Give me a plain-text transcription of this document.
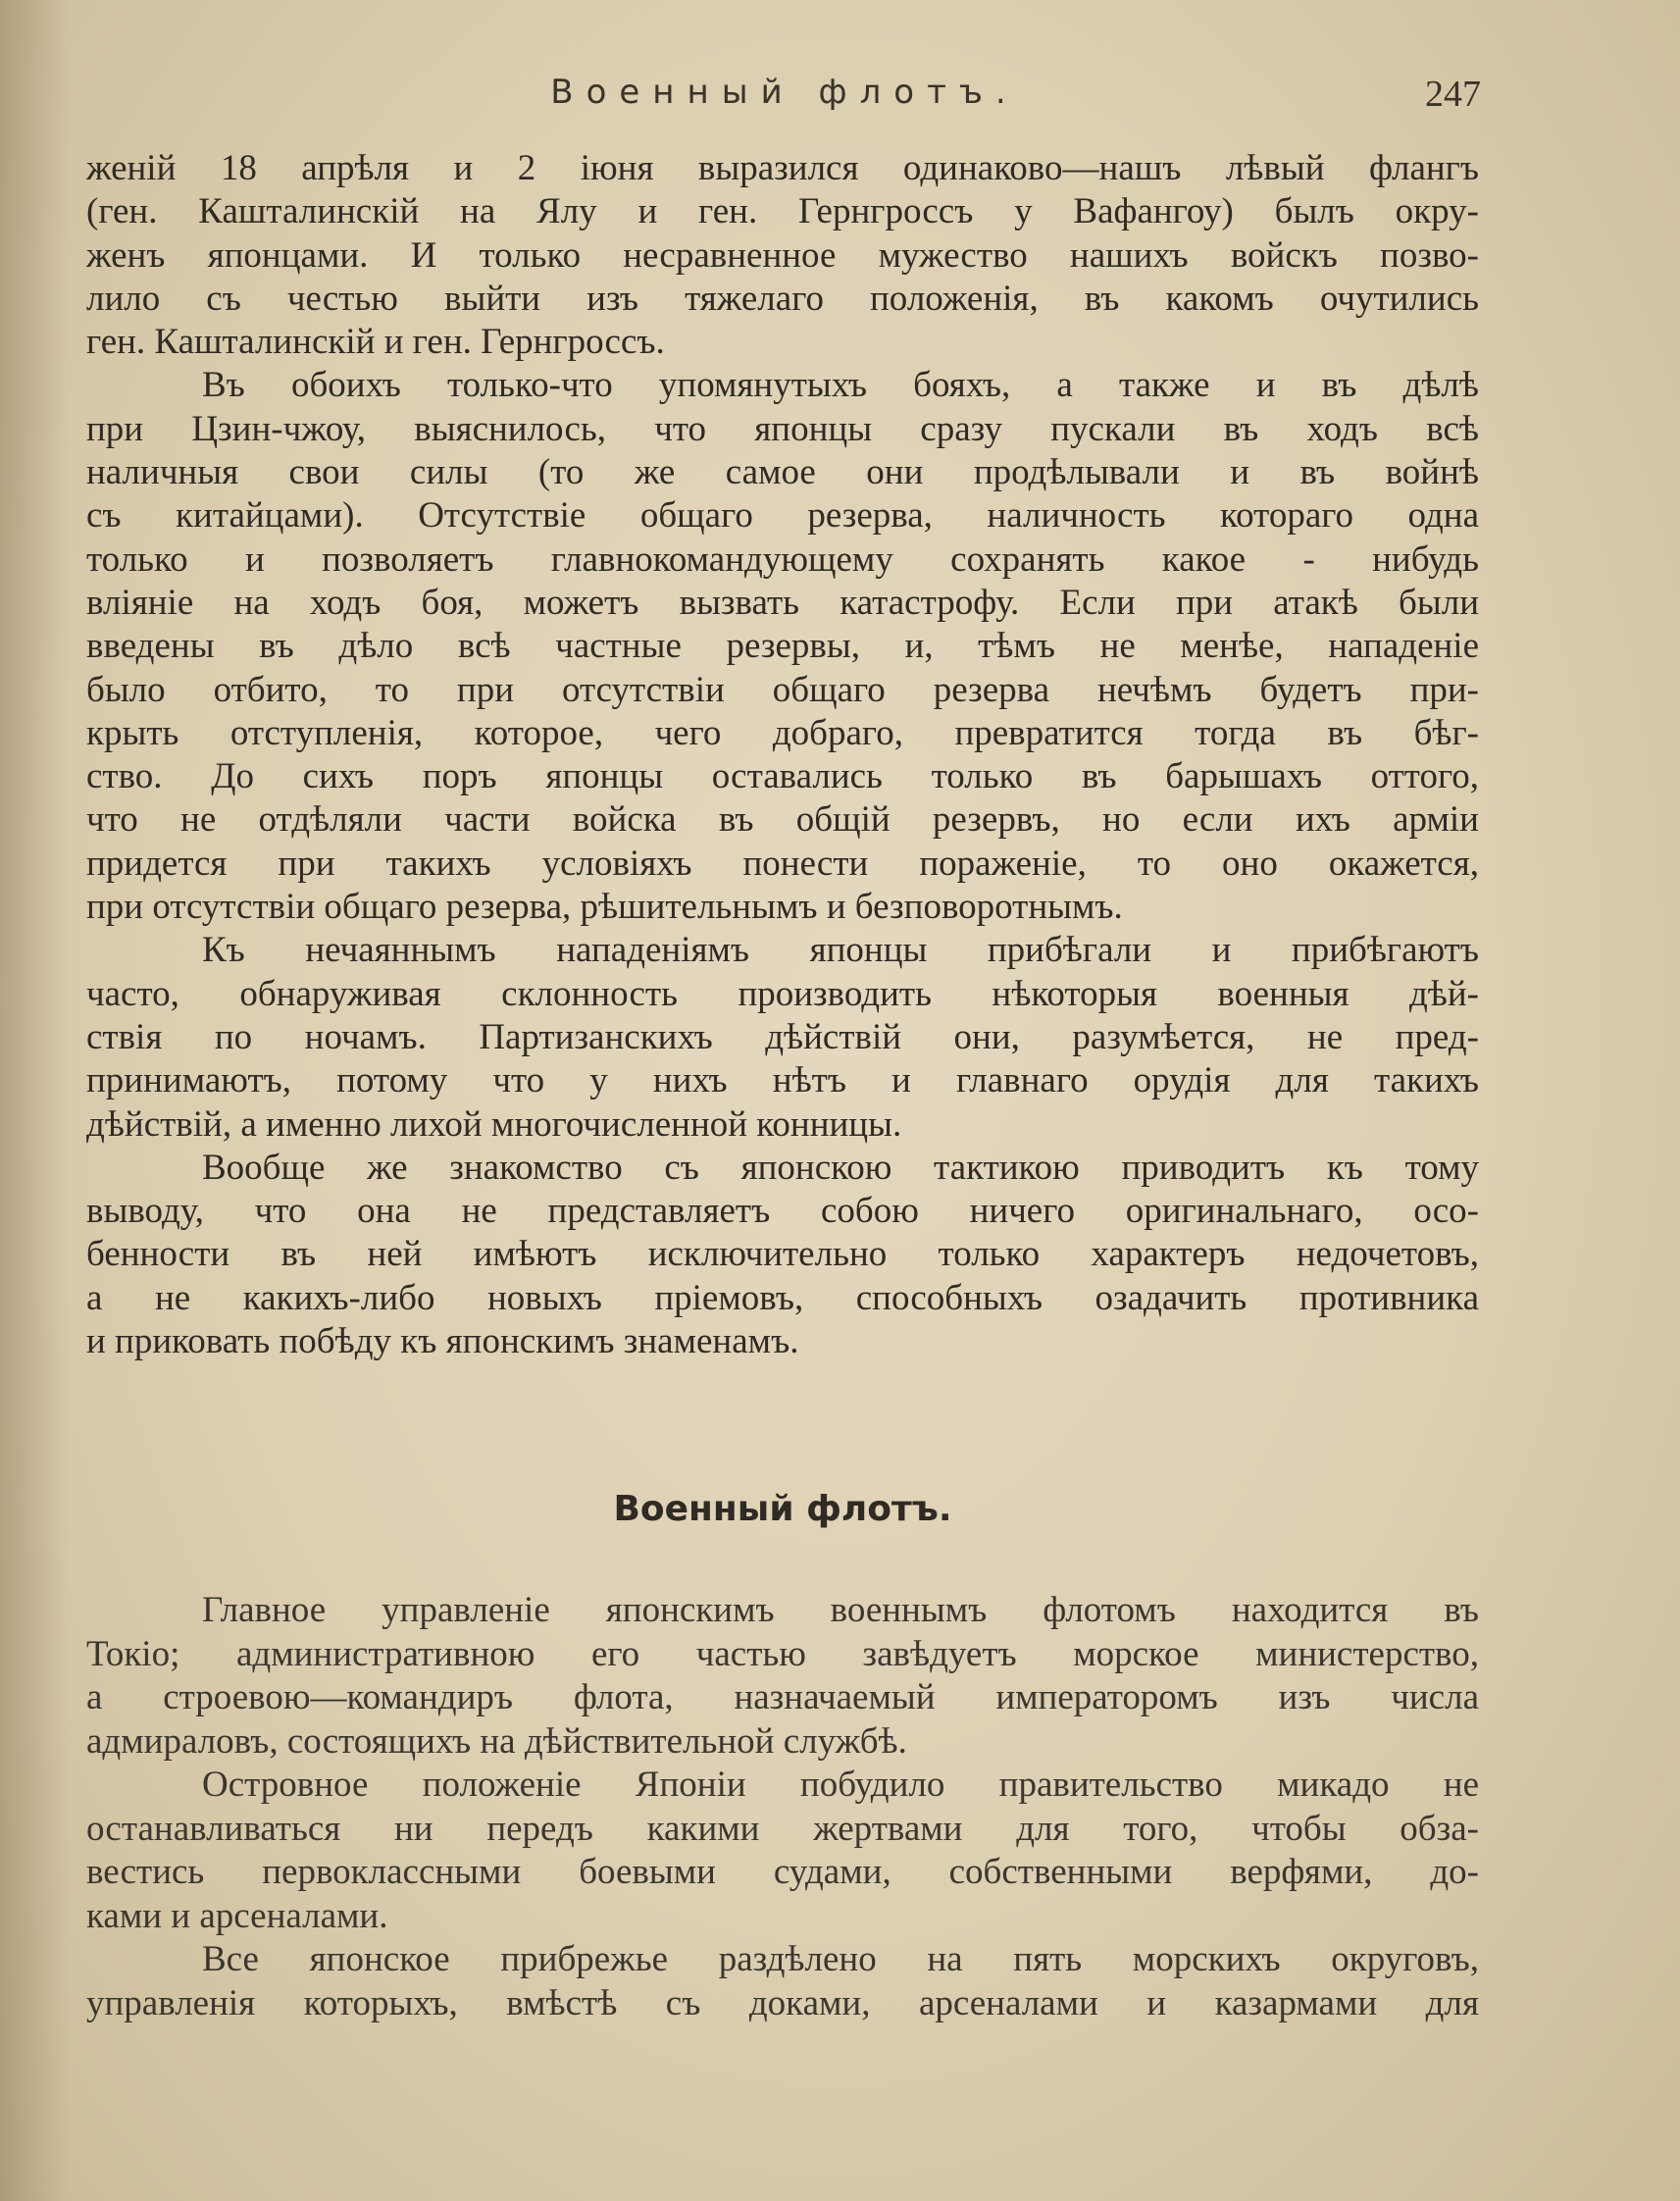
Военный флотъ.	247
женій 18 апрѣля и 2 іюня выразился одинаково—нашъ лѣвый флангъ
(ген. Кашталинскій на Ялу и ген. Гернгроссъ у Вафангоу) былъ окру-
женъ японцами. И только несравненное мужество нашихъ войскъ позво-
лило съ честью выйти изъ тяжелаго положенія, въ какомъ очутились
ген. Кашталинскій и ген. Гернгроссъ.
Въ обоихъ только-что упомянутыхъ бояхъ, а также и въ дѣлѣ
при Цзин-чжоу, выяснилось, что японцы сразу пускали въ ходъ всѣ
наличныя свои силы (то же самое они продѣлывали и въ войнѣ
съ китайцами). Отсутствіе общаго резерва, наличность котораго одна
только и позволяетъ главнокомандующему сохранять какое - нибудь
вліяніе на ходъ боя, можетъ вызвать катастрофу. Если при атакѣ были
введены въ дѣло всѣ частные резервы, и, тѣмъ не менѣе, нападеніе
было отбито, то при отсутствіи общаго резерва нечѣмъ будетъ при-
крыть отступленія, которое, чего добраго, превратится тогда въ бѣг-
ство. До сихъ поръ японцы оставались только въ барышахъ оттого,
что не отдѣляли части войска въ общій резервъ, но если ихъ арміи
придется при такихъ условіяхъ понести пораженіе, то оно окажется,
при отсутствіи общаго резерва, рѣшительнымъ и безповоротнымъ.
Къ нечаяннымъ нападеніямъ японцы прибѣгали и прибѣгаютъ
часто, обнаруживая склонность производить нѣкоторыя военныя дѣй-
ствія по ночамъ. Партизанскихъ дѣйствій они, разумѣется, не пред-
принимаютъ, потому что у нихъ нѣтъ и главнаго орудія для такихъ
дѣйствій, а именно лихой многочисленной конницы.
Вообще же знакомство съ японскою тактикою приводитъ къ тому
выводу, что она не представляетъ собою ничего оригинальнаго, осо-
бенности въ ней имѣютъ исключительно только характеръ недочетовъ,
а не какихъ-либо новыхъ пріемовъ, способныхъ озадачить противника
и приковать побѣду къ японскимъ знаменамъ.
Военный флотъ.
Главное управленіе японскимъ военнымъ флотомъ находится въ
Токіо; административною его частью завѣдуетъ морское министерство,
а строевою—командиръ флота, назначаемый императоромъ изъ числа
адмираловъ, состоящихъ на дѣйствительной службѣ.
Островное положеніе Японіи побудило правительство микадо не
останавливаться ни передъ какими жертвами для того, чтобы обза-
вестись первоклассными боевыми судами, собственными верфями, до-
ками и арсеналами.
Все японское прибрежье раздѣлено на пять морскихъ округовъ,
управленія которыхъ, вмѣстѣ съ доками, арсеналами и казармами для
